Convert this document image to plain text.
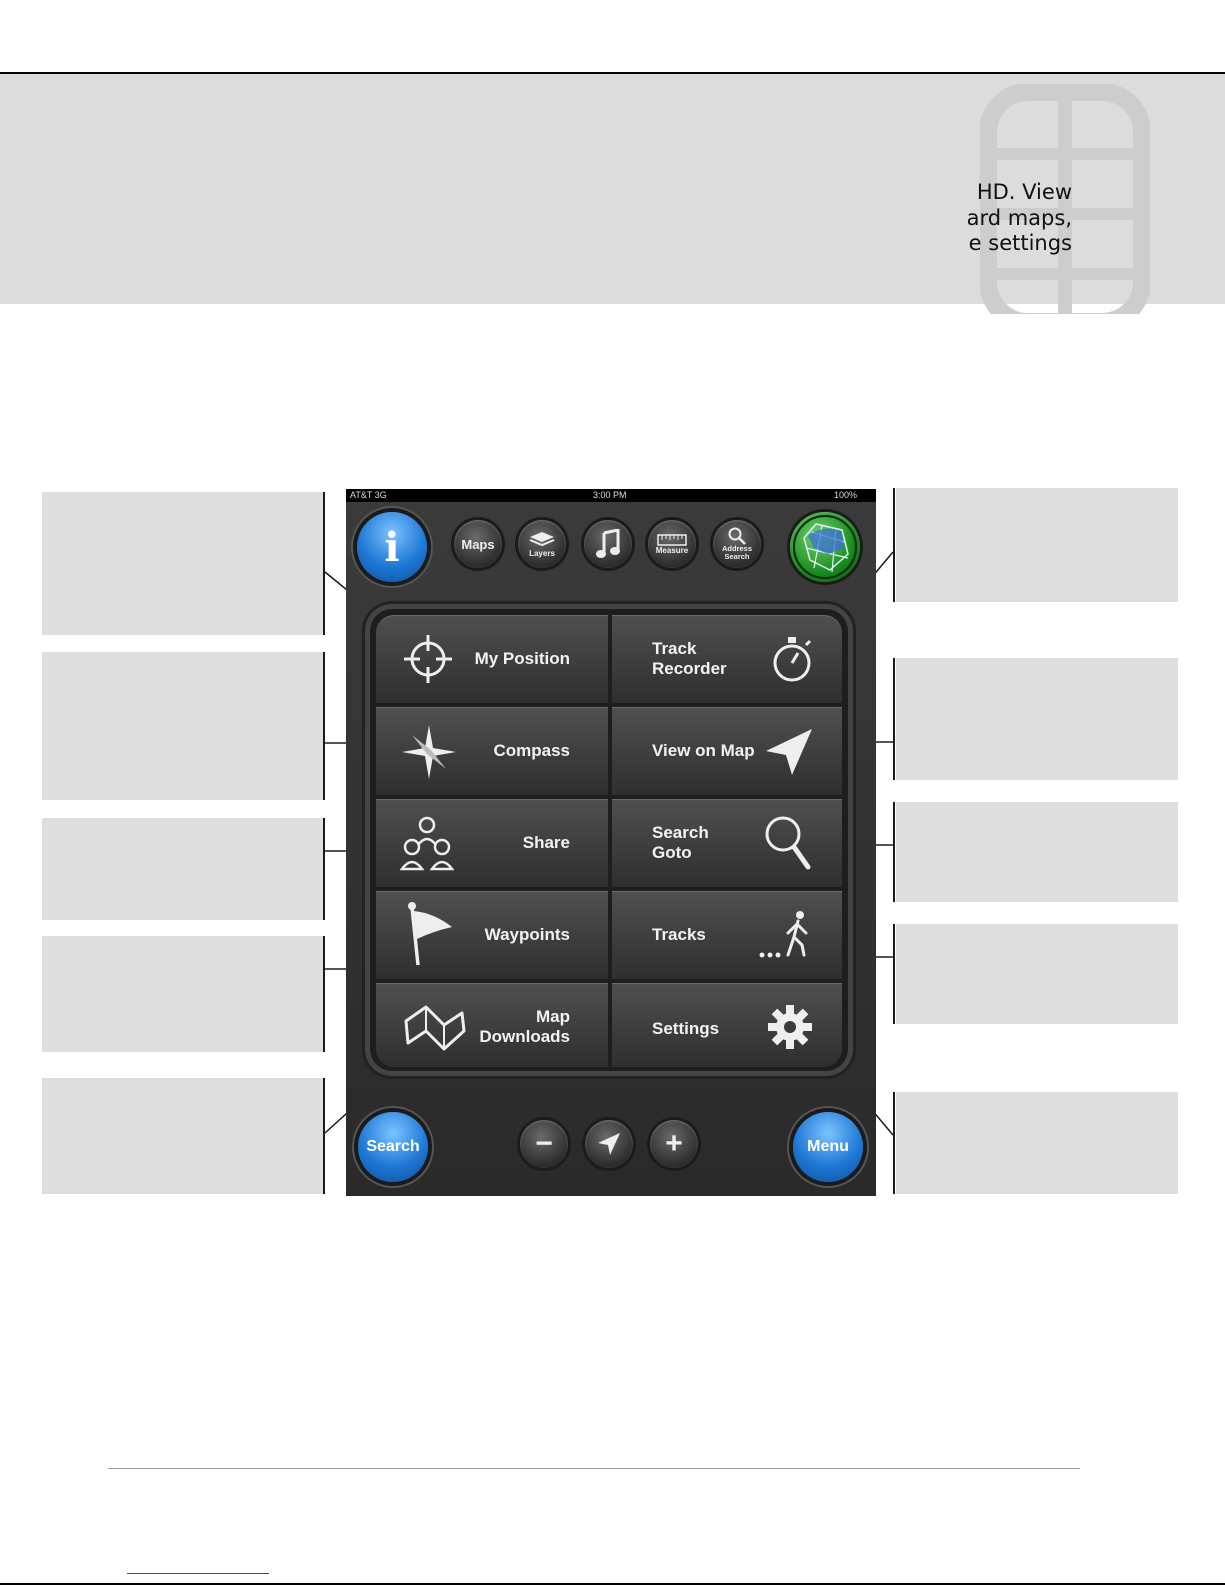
HD. View
ard maps,
e settings
AT&T 3G	3:00 PM	100%
i	Maps
Layers	Measure	Address Search
My Position
Track
Recorder
Compass	View on Map
Share
Search
Goto
Waypoints	Tracks
Map
Downloads	Settings
Search	−	+	Menu
